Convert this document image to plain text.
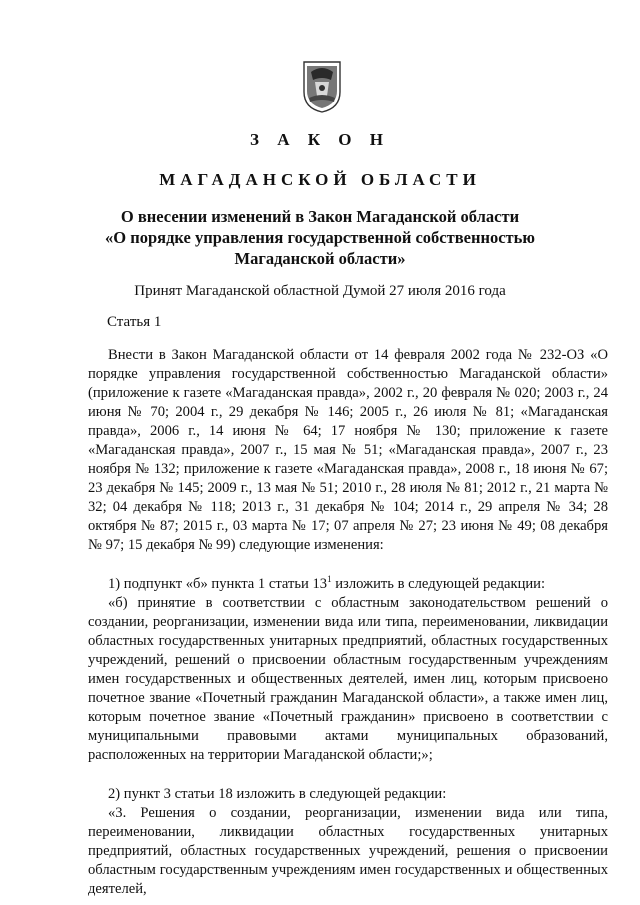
З А К О Н
МАГАДАНСКОЙ ОБЛАСТИ
О внесении изменений в Закон Магаданской области
«О порядке управления государственной собственностью
Магаданской области»
Принят Магаданской областной Думой 27 июля 2016 года
Статья 1

Внести в Закон Магаданской области от 14 февраля 2002 года № 232-ОЗ «О порядке управления государственной собственностью Магаданской области» (приложение к газете «Магаданская правда», 2002 г., 20 февраля № 020; 2003 г., 24 июня № 70; 2004 г., 29 декабря № 146; 2005 г., 26 июля № 81; «Магаданская правда», 2006 г., 14 июня № 64; 17 ноября № 130; приложение к газете «Магаданская правда», 2007 г., 15 мая № 51; «Магаданская правда», 2007 г., 23 ноября № 132; приложение к газете «Магаданская правда», 2008 г., 18 июня № 67; 23 декабря № 145; 2009 г., 13 мая № 51; 2010 г., 28 июля № 81; 2012 г., 21 марта № 32; 04 декабря № 118; 2013 г., 31 декабря № 104; 2014 г., 29 апреля № 34; 28 октября № 87; 2015 г., 03 марта № 17; 07 апреля № 27; 23 июня № 49; 08 декабря № 97; 15 декабря № 99) следующие изменения:

1) подпункт «б» пункта 1 статьи $13^1$ изложить в следующей редакции:

«б) принятие в соответствии с областным законодательством решений о создании, реорганизации, изменении вида или типа, переименовании, ликвидации областных государственных унитарных предприятий, областных государственных учреждений, решений о присвоении областным государственным учреждениям имен государственных и общественных деятелей, имен лиц, которым присвоено почетное звание «Почетный гражданин Магаданской области», а также имен лиц, которым почетное звание «Почетный гражданин» присвоено в соответствии с муниципальными правовыми актами муниципальных образований, расположенных на территории Магаданской области;»;

2) пункт 3 статьи 18 изложить в следующей редакции:

«3. Решения о создании, реорганизации, изменении вида или типа, переименовании, ликвидации областных государственных унитарных предприятий, областных государственных учреждений, решения о присвоении областным государственным учреждениям имен государственных и общественных деятелей,
